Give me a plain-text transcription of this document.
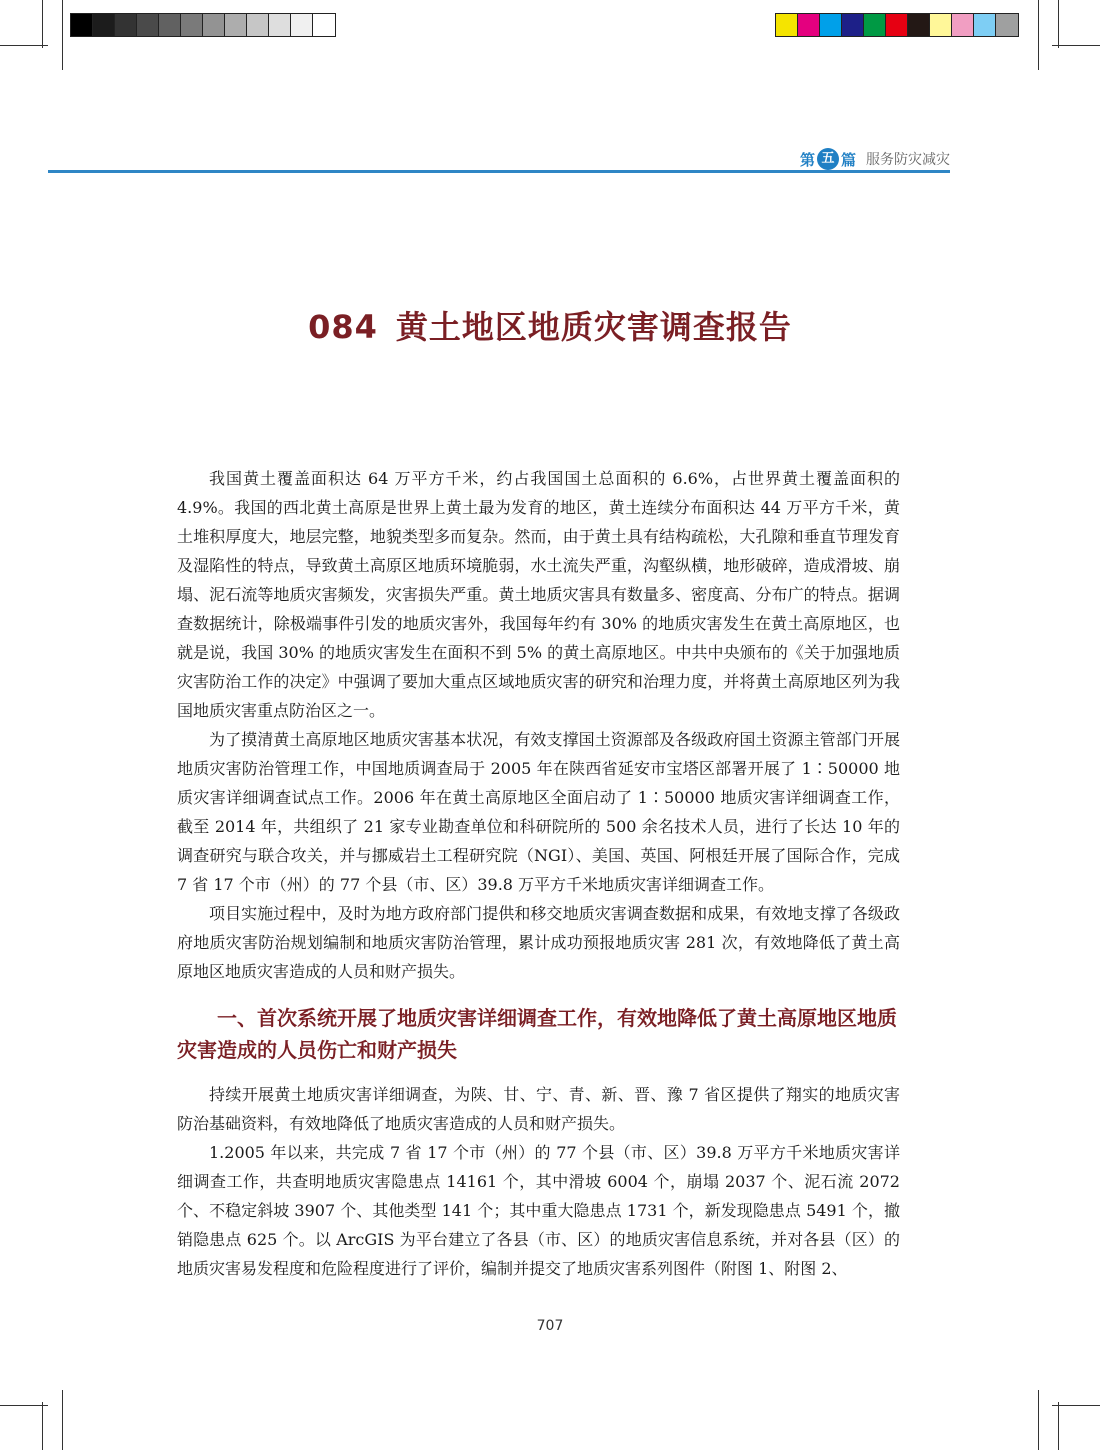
第 五 篇 服务防灾减灾
084 黄土地区地质灾害调查报告

我国黄土覆盖面积达 64 万平方千米，约占我国国土总面积的 6.6%，占世界黄土覆盖面积的 4.9%。我国的西北黄土高原是世界上黄土最为发育的地区，黄土连续分布面积达 44 万平方千米，黄土堆积厚度大，地层完整，地貌类型多而复杂。然而，由于黄土具有结构疏松，大孔隙和垂直节理发育及湿陷性的特点，导致黄土高原区地质环境脆弱，水土流失严重，沟壑纵横，地形破碎，造成滑坡、崩塌、泥石流等地质灾害频发，灾害损失严重。黄土地质灾害具有数量多、密度高、分布广的特点。据调查数据统计，除极端事件引发的地质灾害外，我国每年约有 30% 的地质灾害发生在黄土高原地区，也就是说，我国 30% 的地质灾害发生在面积不到 5% 的黄土高原地区。中共中央颁布的《关于加强地质灾害防治工作的决定》中强调了要加大重点区域地质灾害的研究和治理力度，并将黄土高原地区列为我国地质灾害重点防治区之一。

为了摸清黄土高原地区地质灾害基本状况，有效支撑国土资源部及各级政府国土资源主管部门开展地质灾害防治管理工作，中国地质调查局于 2005 年在陕西省延安市宝塔区部署开展了 1∶50000 地质灾害详细调查试点工作。2006 年在黄土高原地区全面启动了 1∶50000 地质灾害详细调查工作，截至 2014 年，共组织了 21 家专业勘查单位和科研院所的 500 余名技术人员，进行了长达 10 年的调查研究与联合攻关，并与挪威岩土工程研究院（NGI）、美国、英国、阿根廷开展了国际合作，完成 7 省 17 个市（州）的 77 个县（市、区）39.8 万平方千米地质灾害详细调查工作。

项目实施过程中，及时为地方政府部门提供和移交地质灾害调查数据和成果，有效地支撑了各级政府地质灾害防治规划编制和地质灾害防治管理，累计成功预报地质灾害 281 次，有效地降低了黄土高原地区地质灾害造成的人员和财产损失。

一、首次系统开展了地质灾害详细调查工作，有效地降低了黄土高原地区地质灾害造成的人员伤亡和财产损失

持续开展黄土地质灾害详细调查，为陕、甘、宁、青、新、晋、豫 7 省区提供了翔实的地质灾害防治基础资料，有效地降低了地质灾害造成的人员和财产损失。

1.2005 年以来，共完成 7 省 17 个市（州）的 77 个县（市、区）39.8 万平方千米地质灾害详细调查工作，共查明地质灾害隐患点 14161 个，其中滑坡 6004 个，崩塌 2037 个、泥石流 2072 个、不稳定斜坡 3907 个、其他类型 141 个；其中重大隐患点 1731 个，新发现隐患点 5491 个，撤销隐患点 625 个。以 ArcGIS 为平台建立了各县（市、区）的地质灾害信息系统，并对各县（区）的地质灾害易发程度和危险程度进行了评价，编制并提交了地质灾害系列图件（附图 1、附图 2、

707
